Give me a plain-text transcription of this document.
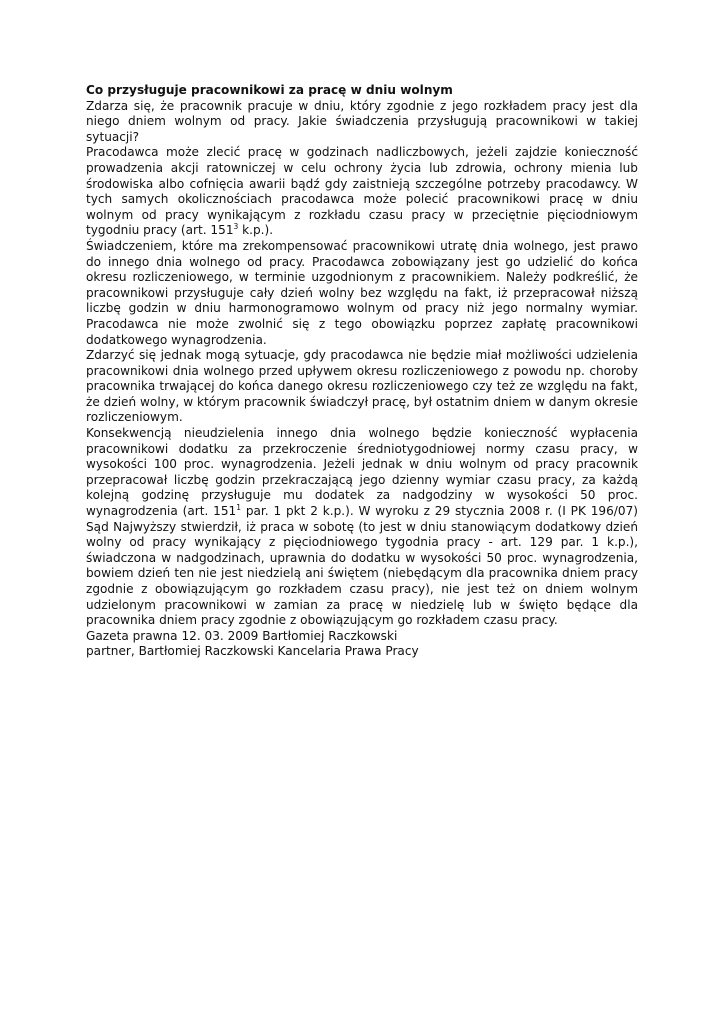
Co przysługuje pracownikowi za pracę w dniu wolnym

Zdarza się, że pracownik pracuje w dniu, który zgodnie z jego rozkładem pracy jest dla niego dniem wolnym od pracy. Jakie świadczenia przysługują pracownikowi w takiej sytuacji?

Pracodawca może zlecić pracę w godzinach nadliczbowych, jeżeli zajdzie konieczność prowadzenia akcji ratowniczej w celu ochrony życia lub zdrowia, ochrony mienia lub środowiska albo cofnięcia awarii bądź gdy zaistnieją szczególne potrzeby pracodawcy. W tych samych okolicznościach pracodawca może polecić pracownikowi pracę w dniu wolnym od pracy wynikającym z rozkładu czasu pracy w przeciętnie pięciodniowym tygodniu pracy (art. $151^3$ k.p.).

Świadczeniem, które ma zrekompensować pracownikowi utratę dnia wolnego, jest prawo do innego dnia wolnego od pracy. Pracodawca zobowiązany jest go udzielić do końca okresu rozliczeniowego, w terminie uzgodnionym z pracownikiem. Należy podkreślić, że pracownikowi przysługuje cały dzień wolny bez względu na fakt, iż przepracował niższą liczbę godzin w dniu harmonogramowo wolnym od pracy niż jego normalny wymiar. Pracodawca nie może zwolnić się z tego obowiązku poprzez zapłatę pracownikowi dodatkowego wynagrodzenia.

Zdarzyć się jednak mogą sytuacje, gdy pracodawca nie będzie miał możliwości udzielenia pracownikowi dnia wolnego przed upływem okresu rozliczeniowego z powodu np. choroby pracownika trwającej do końca danego okresu rozliczeniowego czy też ze względu na fakt, że dzień wolny, w którym pracownik świadczył pracę, był ostatnim dniem w danym okresie rozliczeniowym.

Konsekwencją nieudzielenia innego dnia wolnego będzie konieczność wypłacenia pracownikowi dodatku za przekroczenie średniotygodniowej normy czasu pracy, w wysokości 100 proc. wynagrodzenia. Jeżeli jednak w dniu wolnym od pracy pracownik przepracował liczbę godzin przekraczającą jego dzienny wymiar czasu pracy, za każdą kolejną godzinę przysługuje mu dodatek za nadgodziny w wysokości 50 proc. wynagrodzenia (art. $151^1$ par. 1 pkt 2 k.p.). W wyroku z 29 stycznia 2008 r. (I PK 196/07) Sąd Najwyższy stwierdził, iż praca w sobotę (to jest w dniu stanowiącym dodatkowy dzień wolny od pracy wynikający z pięciodniowego tygodnia pracy - art. 129 par. 1 k.p.), świadczona w nadgodzinach, uprawnia do dodatku w wysokości 50 proc. wynagrodzenia, bowiem dzień ten nie jest niedzielą ani świętem (niebędącym dla pracownika dniem pracy zgodnie z obowiązującym go rozkładem czasu pracy), nie jest też on dniem wolnym udzielonym pracownikowi w zamian za pracę w niedzielę lub w święto będące dla pracownika dniem pracy zgodnie z obowiązującym go rozkładem czasu pracy.

Gazeta prawna 12. 03. 2009 Bartłomiej Raczkowski

partner, Bartłomiej Raczkowski Kancelaria Prawa Pracy
